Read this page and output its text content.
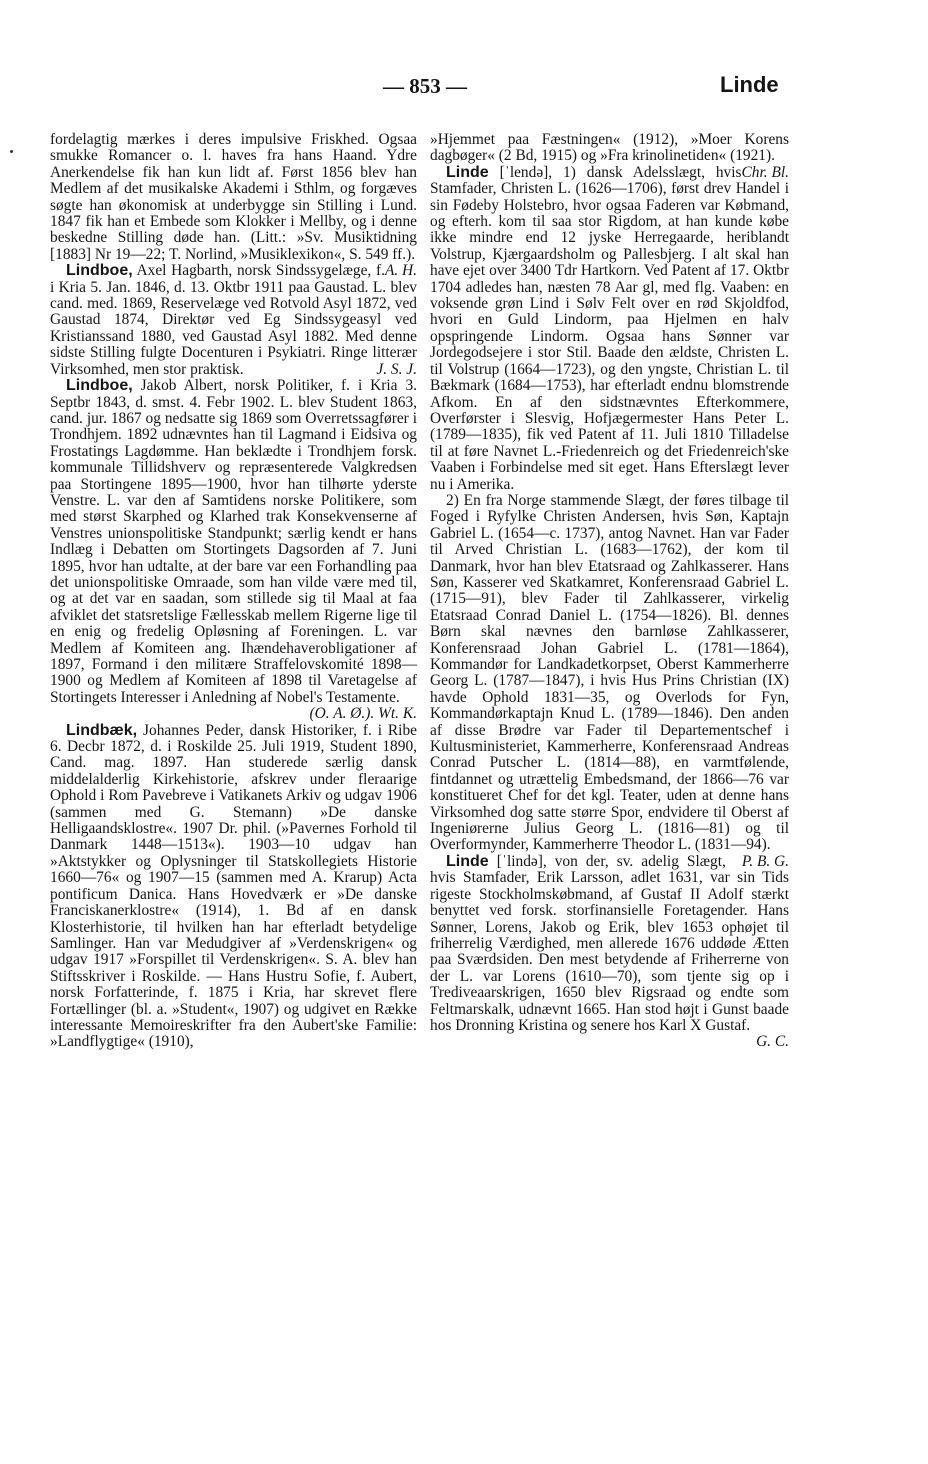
— 853 —	Linde

fordelagtig mærkes i deres impulsive Friskhed. Ogsaa smukke Romancer o. l. haves fra hans Haand. Ydre Anerkendelse fik han kun lidt af. Først 1856 blev han Medlem af det musikalske Akademi i Sthlm, og forgæves søgte han økonomisk at underbygge sin Stilling i Lund. 1847 fik han et Embede som Klokker i Mellby, og i denne beskedne Stilling døde han. (Litt.: »Sv. Musiktidning [1883] Nr 19—22; T. Norlind, »Musiklexikon«, S. 549 ff.).
A. H.

Lindboe, Axel Hagbarth, norsk Sindssygelæge, f. i Kria 5. Jan. 1846, d. 13. Oktbr 1911 paa Gaustad. L. blev cand. med. 1869, Reservelæge ved Rotvold Asyl 1872, ved Gaustad 1874, Direktør ved Eg Sindssygeasyl ved Kristianssand 1880, ved Gaustad Asyl 1882. Med denne sidste Stilling fulgte Docenturen i Psykiatri. Ringe litterær Virksomhed, men stor praktisk.	J. S. J.

Lindboe, Jakob Albert, norsk Politiker, f. i Kria 3. Septbr 1843, d. smst. 4. Febr 1902. L. blev Student 1863, cand. jur. 1867 og nedsatte sig 1869 som Overretssagfører i Trondhjem. 1892 udnævntes han til Lagmand i Eidsiva og Frostatings Lagdømme. Han beklædte i Trondhjem forsk. kommunale Tillidshverv og repræsenterede Valgkredsen paa Stortingene 1895—1900, hvor han tilhørte yderste Venstre. L. var den af Samtidens norske Politikere, som med størst Skarphed og Klarhed trak Konsekvenserne af Venstres unionspolitiske Standpunkt; særlig kendt er hans Indlæg i Debatten om Stortingets Dagsorden af 7. Juni 1895, hvor han udtalte, at der bare var een Forhandling paa det unionspolitiske Omraade, som han vilde være med til, og at det var en saadan, som stillede sig til Maal at faa afviklet det statsretslige Fællesskab mellem Rigerne lige til en enig og fredelig Opløsning af Foreningen. L. var Medlem af Komiteen ang. Ihændehaverobligationer af 1897, Formand i den militære Straffelovskomité 1898—1900 og Medlem af Komiteen af 1898 til Varetagelse af Stortingets Interesser i Anledning af Nobel's Testamente.

(O. A. Ø.). Wt. K.

Lindbæk, Johannes Peder, dansk Historiker, f. i Ribe 6. Decbr 1872, d. i Roskilde 25. Juli 1919, Student 1890, Cand. mag. 1897. Han studerede særlig dansk middelalderlig Kirkehistorie, afskrev under fleraarige Ophold i Rom Pavebreve i Vatikanets Arkiv og udgav 1906 (sammen med G. Stemann) »De danske Helligaandsklostre«. 1907 Dr. phil. (»Pavernes Forhold til Danmark 1448—1513«). 1903—10 udgav han »Aktstykker og Oplysninger til Statskollegiets Historie 1660—76« og 1907—15 (sammen med A. Krarup) Acta pontificum Danica. Hans Hovedværk er »De danske Franciskanerklostre« (1914), 1. Bd af en dansk Klosterhistorie, til hvilken han har efterladt betydelige Samlinger. Han var Medudgiver af »Verdenskrigen« og udgav 1917 »Forspillet til Verdenskrigen«. S. A. blev han Stiftsskriver i Roskilde. — Hans Hustru Sofie, f. Aubert, norsk Forfatterinde, f. 1875 i Kria, har skrevet flere Fortællinger (bl. a. »Student«, 1907) og udgivet en Række interessante Memoireskrifter fra den Aubert'ske Familie: »Landflygtige« (1910),

»Hjemmet paa Fæstningen« (1912), »Moer Korens dagbøger« (2 Bd, 1915) og »Fra krinolinetiden« (1921).
Chr. Bl.

Linde [ˈlendə], 1) dansk Adelsslægt, hvis Stamfader, Christen L. (1626—1706), først drev Handel i sin Fødeby Holstebro, hvor ogsaa Faderen var Købmand, og efterh. kom til saa stor Rigdom, at han kunde købe ikke mindre end 12 jyske Herregaarde, heriblandt Volstrup, Kjærgaardsholm og Pallesbjerg. I alt skal han have ejet over 3400 Tdr Hartkorn. Ved Patent af 17. Oktbr 1704 adledes han, næsten 78 Aar gl, med flg. Vaaben: en voksende grøn Lind i Sølv Felt over en rød Skjoldfod, hvori en Guld Lindorm, paa Hjelmen en halv opspringende Lindorm. Ogsaa hans Sønner var Jordegodsejere i stor Stil. Baade den ældste, Christen L. til Volstrup (1664—1723), og den yngste, Christian L. til Bækmark (1684—1753), har efterladt endnu blomstrende Afkom. En af den sidstnævntes Efterkommere, Overførster i Slesvig, Hofjægermester Hans Peter L. (1789—1835), fik ved Patent af 11. Juli 1810 Tilladelse til at føre Navnet L.-Friedenreich og det Friedenreich'ske Vaaben i Forbindelse med sit eget. Hans Efterslægt lever nu i Amerika.

2) En fra Norge stammende Slægt, der føres tilbage til Foged i Ryfylke Christen Andersen, hvis Søn, Kaptajn Gabriel L. (1654—c. 1737), antog Navnet. Han var Fader til Arved Christian L. (1683—1762), der kom til Danmark, hvor han blev Etatsraad og Zahlkasserer. Hans Søn, Kasserer ved Skatkamret, Konferensraad Gabriel L. (1715—91), blev Fader til Zahlkasserer, virkelig Etatsraad Conrad Daniel L. (1754—1826). Bl. dennes Børn skal nævnes den barnløse Zahlkasserer, Konferensraad Johan Gabriel L. (1781—1864), Kommandør for Landkadetkorpset, Oberst Kammerherre Georg L. (1787—1847), i hvis Hus Prins Christian (IX) havde Ophold 1831—35, og Overlods for Fyn, Kommandørkaptajn Knud L. (1789—1846). Den anden af disse Brødre var Fader til Departementschef i Kultusministeriet, Kammerherre, Konferensraad Andreas Conrad Putscher L. (1814—88), en varmtfølende, fintdannet og utrættelig Embedsmand, der 1866—76 var konstitueret Chef for det kgl. Teater, uden at denne hans Virksomhed dog satte større Spor, endvidere til Oberst af Ingeniørerne Julius Georg L. (1816—81) og til Overformynder, Kammerherre Theodor L. (1831—94).
P. B. G.

Linde [ˈlində], von der, sv. adelig Slægt, hvis Stamfader, Erik Larsson, adlet 1631, var sin Tids rigeste Stockholmskøbmand, af Gustaf II Adolf stærkt benyttet ved forsk. storfinansielle Foretagender. Hans Sønner, Lorens, Jakob og Erik, blev 1653 ophøjet til friherrelig Værdighed, men allerede 1676 uddøde Ætten paa Sværdsiden. Den mest betydende af Friherrerne von der L. var Lorens (1610—70), som tjente sig op i Trediveaarskrigen, 1650 blev Rigsraad og endte som Feltmarskalk, udnævnt 1665. Han stod højt i Gunst baade hos Dronning Kristina og senere hos Karl X Gustaf.

G. C.
